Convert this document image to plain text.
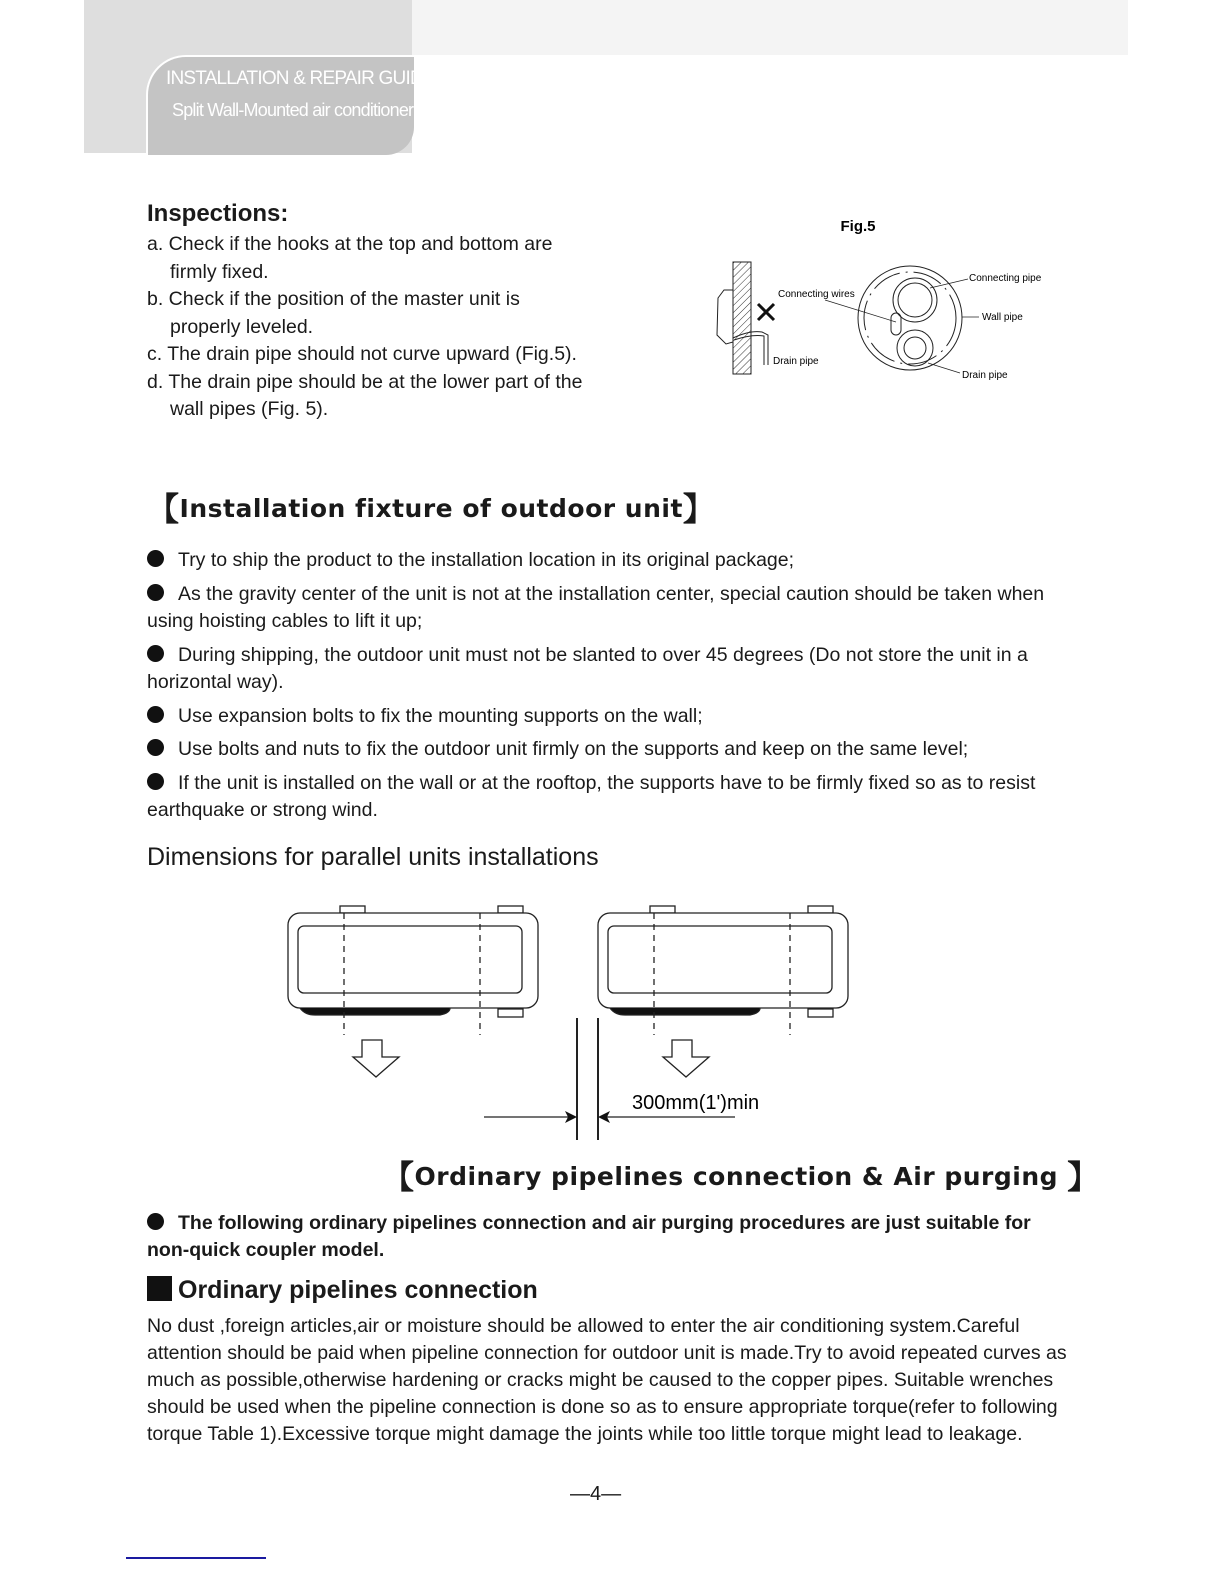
INSTALLATION & REPAIR GUIDE
Split Wall-Mounted air conditioner
Inspections:
a. Check if the hooks at the top and bottom are firmly fixed.
b. Check if the position of the master unit is properly leveled.
c. The drain pipe should not curve upward (Fig.5).
d. The drain pipe should be at the lower part of the wall pipes (Fig. 5).
Fig.5
Drain pipe
Connecting wires
Connecting pipe
Wall pipe
Drain pipe
【Installation fixture of outdoor unit】

Try to ship the product to the installation location in its original package;

As the gravity center of the unit is not at the installation center, special caution should be taken when using hoisting cables to lift it up;

During shipping, the outdoor unit must not be slanted to over 45 degrees (Do not store the unit in a horizontal way).

Use expansion bolts to fix the mounting supports on the wall;

Use bolts and nuts to fix the outdoor unit firmly on the supports and keep on the same level;

If the unit is installed on the wall or at the rooftop, the supports have to be firmly fixed so as to resist earthquake or strong wind.

Dimensions for parallel units installations
300mm(1')min
【Ordinary pipelines connection & Air purging 】
The following ordinary pipelines connection and air purging procedures are just suitable for non-quick coupler model.
Ordinary pipelines connection
No dust ,foreign articles,air or moisture should be allowed to enter the air conditioning system.Careful attention should be paid when pipeline connection for outdoor unit is made.Try to avoid repeated curves as much as possible,otherwise hardening or cracks might be caused to the copper pipes. Suitable wrenches should be used when the pipeline connection is done so as to ensure appropriate torque(refer to following torque Table 1).Excessive torque might damage the joints while too little torque might lead to leakage.
—4—
